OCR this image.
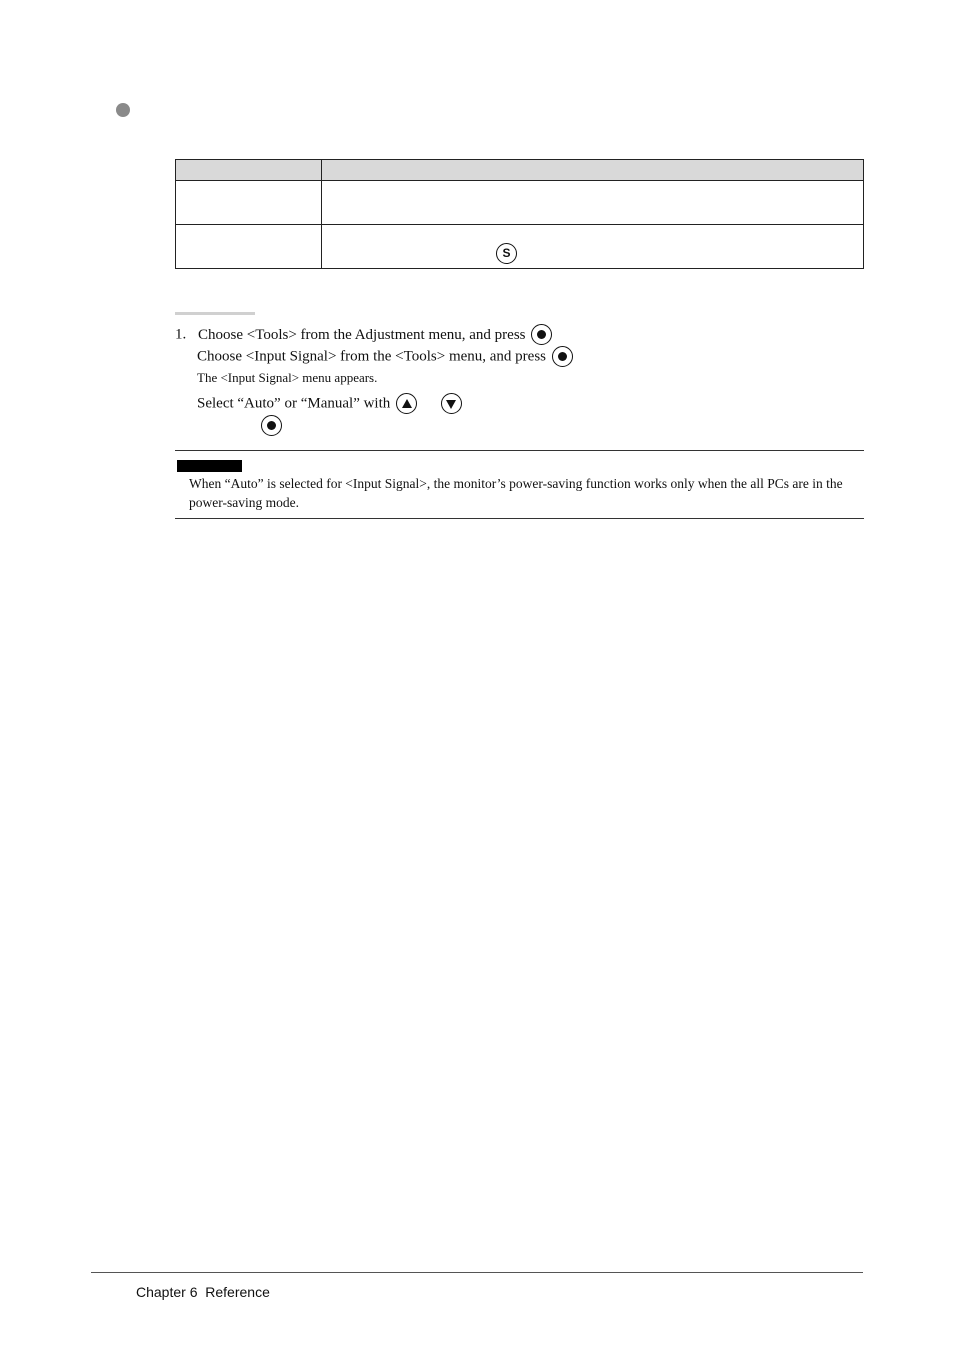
S

1. Choose <Tools> from the Adjustment menu, and press
Choose <Input Signal> from the <Tools> menu, and press
The <Input Signal> menu appears.
Select “Auto” or “Manual” with

When “Auto” is selected for <Input Signal>, the monitor’s power-saving function works only when the all PCs are in the power-saving mode.
Chapter 6  Reference
